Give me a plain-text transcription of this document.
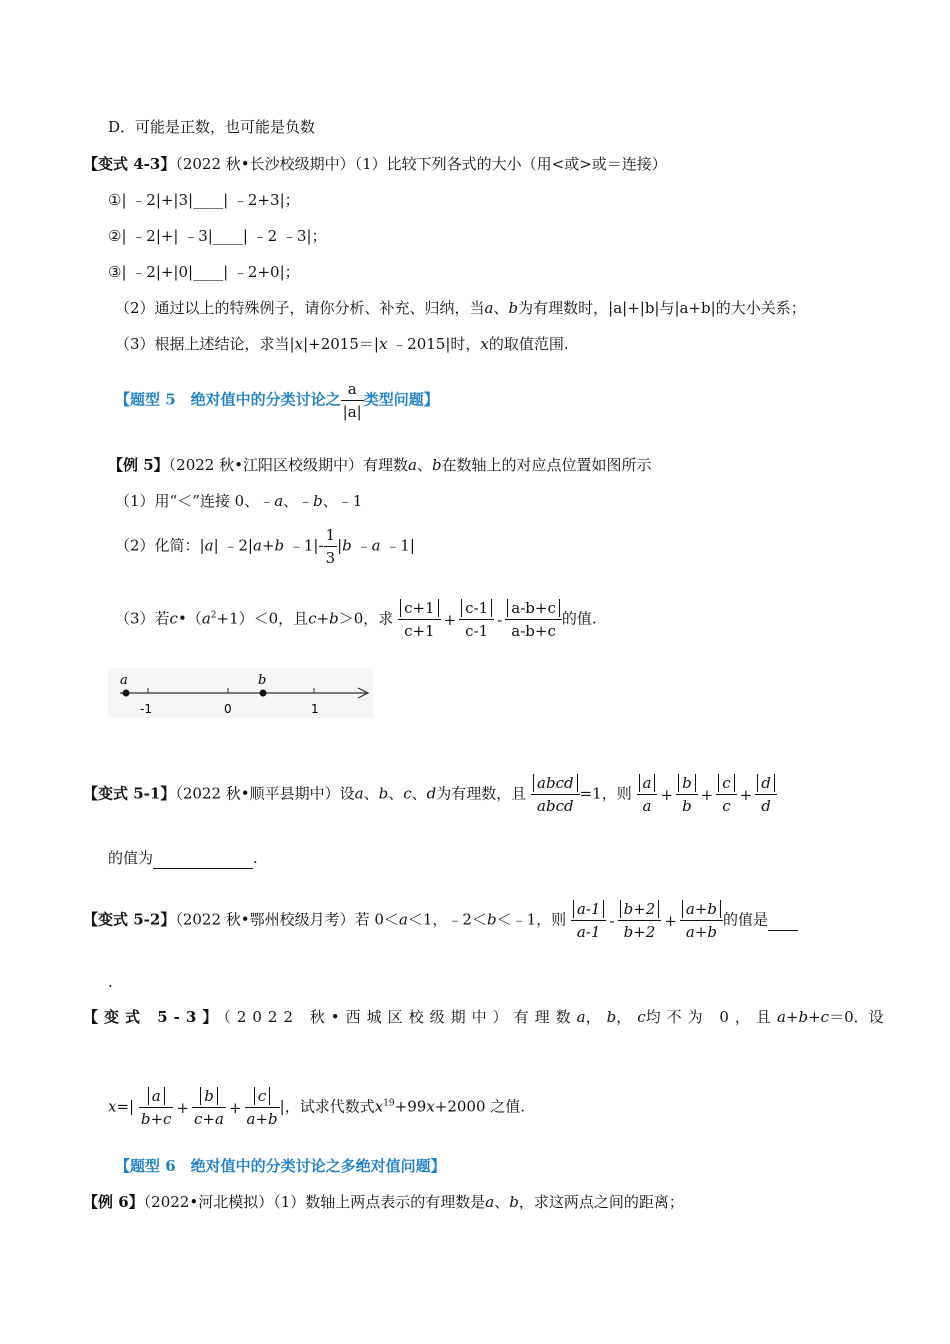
D．可能是正数，也可能是负数
【变式 4-3】（2022 秋•长沙校级期中）（1）比较下列各式的大小（用<或>或＝连接）
①| ﹣2|+|3|____| ﹣2+3|；
②| ﹣2|+| ﹣3|____| ﹣2 ﹣3|；
③| ﹣2|+|0|____| ﹣2+0|；
（2）通过以上的特殊例子，请你分析、补充、归纳，当a、b为有理数时，|a|+|b|与|a+b|的大小关系；
（3）根据上述结论，求当|x|+2015＝|x ﹣2015|时，x的取值范围.
【题型 5　绝对值中的分类讨论之 $\frac{a}{|a|}$ 类型问题】
【例 5】（2022 秋•江阳区校级期中）有理数a、b在数轴上的对应点位置如图所示
（1）用“＜”连接 0、﹣a、﹣b、﹣1
（2）化简：|a| ﹣2|a+b ﹣1|- $\frac{1}{3} |b$ ﹣a ﹣1|
（3）若$c•(a^2+1)<0$，且c+b＞0，求 $\frac{c+1}{c+1} + \frac{c-1}{c-1} - \frac{a-b+c}{a-b+c}$ 的值.
a	b
-1	0	1
【变式 5-1】（2022 秋•顺平县期中）设a、b、c、d为有理数，且 $\frac{\text{abcd}}{\text{abcd}} =1$，则 $\frac{a}{a} + \frac{b}{b} + \frac{c}{c} + \frac{d}{d}$
的值为	.
【变式 5-2】（2022 秋•鄂州校级月考）若 0＜a＜1，﹣2＜b＜﹣1，则 $\frac{a-1}{a-1} - \frac{b+2}{b+2} + \frac{a+b}{a+b}$ 的值是
.
【变式 5-3】（2022 秋•西城区校级期中）有理数a，b，c均不为 0，且a+b+c＝0．设
$x=| \frac{a}{b+c} + \frac{b}{c+a} + \frac{c}{a+b}$ |，试求代数式$x^{19}+99x+2000$ 之值.
【题型 6　绝对值中的分类讨论之多绝对值问题】
【例 6】（2022•河北模拟）（1）数轴上两点表示的有理数是a、b，求这两点之间的距离；
